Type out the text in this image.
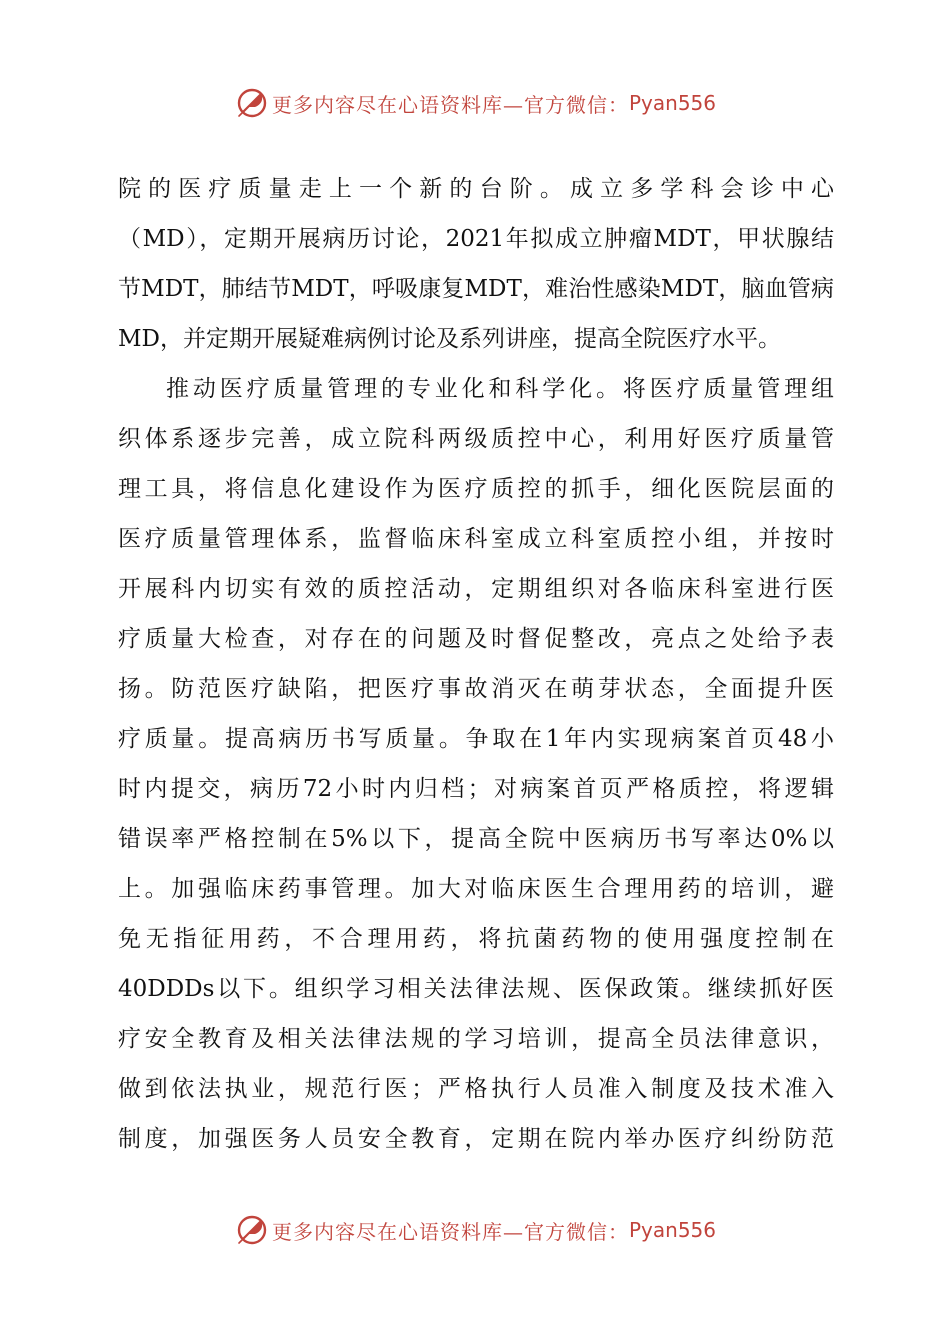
更多内容尽在心语资料库—官方微信： Pyan556
院的医疗质量走上一个新的台阶。成立多学科会诊中心
（MD），定期开展病历讨论，2021年拟成立肿瘤MDT，甲状腺结
节MDT，肺结节MDT，呼吸康复MDT，难治性感染MDT，脑血管病
MD，并定期开展疑难病例讨论及系列讲座，提高全院医疗水平。
推动医疗质量管理的专业化和科学化。将医疗质量管理组
织体系逐步完善，成立院科两级质控中心，利用好医疗质量管
理工具，将信息化建设作为医疗质控的抓手，细化医院层面的
医疗质量管理体系，监督临床科室成立科室质控小组，并按时
开展科内切实有效的质控活动，定期组织对各临床科室进行医
疗质量大检查，对存在的问题及时督促整改，亮点之处给予表
扬。防范医疗缺陷，把医疗事故消灭在萌芽状态，全面提升医
疗质量。提高病历书写质量。争取在1年内实现病案首页48小
时内提交，病历72小时内归档；对病案首页严格质控，将逻辑
错误率严格控制在5%以下，提高全院中医病历书写率达0%以
上。加强临床药事管理。加大对临床医生合理用药的培训，避
免无指征用药，不合理用药，将抗菌药物的使用强度控制在
40DDDs以下。组织学习相关法律法规、医保政策。继续抓好医
疗安全教育及相关法律法规的学习培训，提高全员法律意识，
做到依法执业，规范行医；严格执行人员准入制度及技术准入
制度，加强医务人员安全教育，定期在院内举办医疗纠纷防范
更多内容尽在心语资料库—官方微信： Pyan556
